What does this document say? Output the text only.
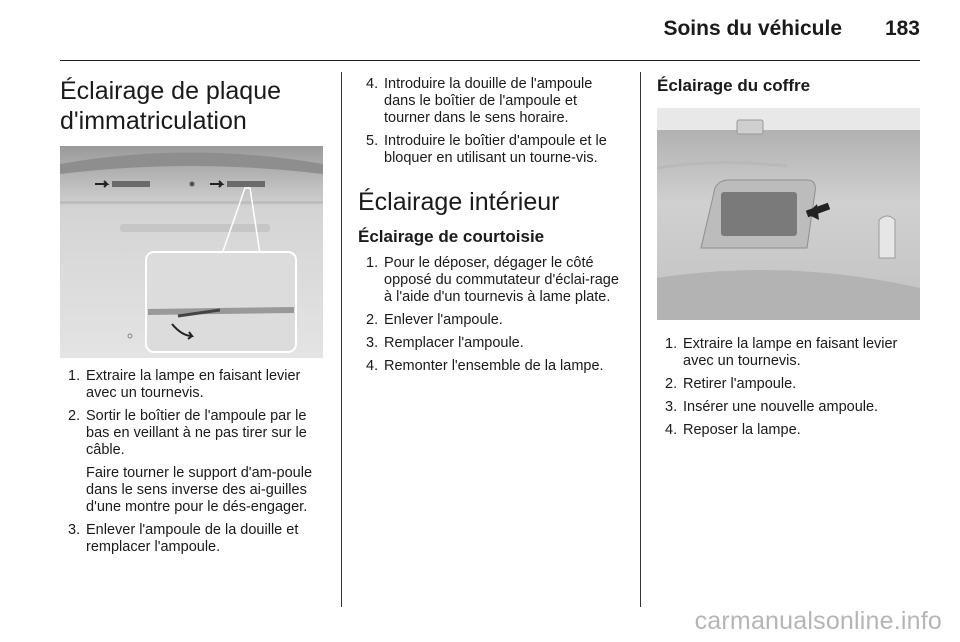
Soins du véhicule 183
Éclairage de plaque d'immatriculation
1. Extraire la lampe en faisant levier avec un tournevis.

2. Sortir le boîtier de l'ampoule par le bas en veillant à ne pas tirer sur le câble.

Faire tourner le support d'am-poule dans le sens inverse des ai-guilles d'une montre pour le dés-engager.

3. Enlever l'ampoule de la douille et remplacer l'ampoule.

4. Introduire la douille de l'ampoule dans le boîtier de l'ampoule et tourner dans le sens horaire.

5. Introduire le boîtier d'ampoule et le bloquer en utilisant un tourne-vis.

Éclairage intérieur
Éclairage de courtoisie
1. Pour le déposer, dégager le côté opposé du commutateur d'éclai-rage à l'aide d'un tournevis à lame plate.

2. Enlever l'ampoule.

3. Remplacer l'ampoule.

4. Remonter l'ensemble de la lampe.

Éclairage du coffre
1. Extraire la lampe en faisant levier avec un tournevis.

2. Retirer l'ampoule.

3. Insérer une nouvelle ampoule.

4. Reposer la lampe.

carmanualsonline.info
